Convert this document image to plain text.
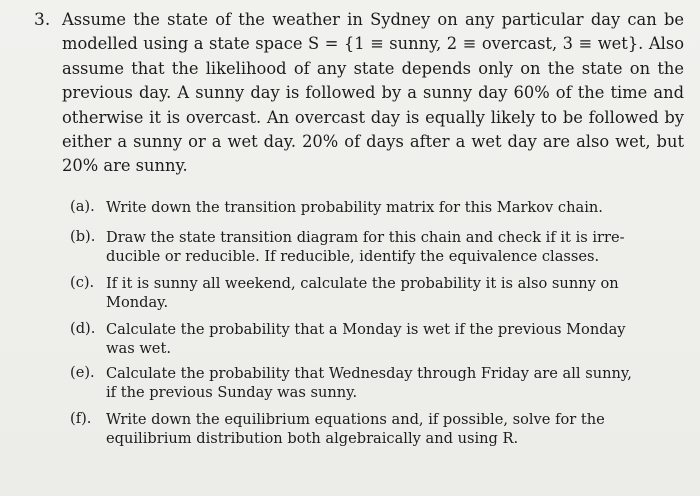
3. Assume the state of the weather in Sydney on any particular day can be
modelled using a state space S = {1 ≡ sunny, 2 ≡ overcast, 3 ≡ wet}. Also
assume that the likelihood of any state depends only on the state on the
previous day. A sunny day is followed by a sunny day 60% of the time and
otherwise it is overcast. An overcast day is equally likely to be followed by
either a sunny or a wet day. 20% of days after a wet day are also wet, but
20% are sunny.
(a). Write down the transition probability matrix for this Markov chain.
(b). Draw the state transition diagram for this chain and check if it is irre-
ducible or reducible. If reducible, identify the equivalence classes.
(c). If it is sunny all weekend, calculate the probability it is also sunny on
Monday.
(d). Calculate the probability that a Monday is wet if the previous Monday
was wet.
(e). Calculate the probability that Wednesday through Friday are all sunny,
if the previous Sunday was sunny.
(f). Write down the equilibrium equations and, if possible, solve for the
equilibrium distribution both algebraically and using R.
